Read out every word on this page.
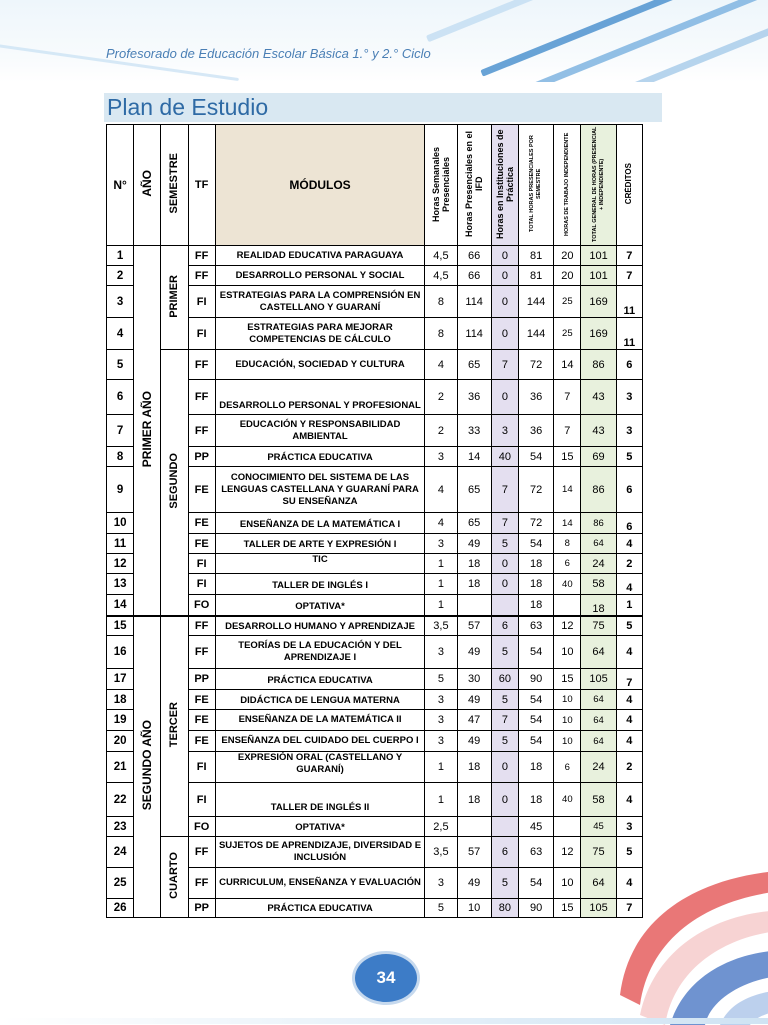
Profesorado de Educación Escolar Básica 1.° y 2.° Ciclo
Plan de Estudio
N°	AÑO	SEMESTRE	TF	MÓDULOS	Horas Semanales Presenciales	Horas Presenciales en el IFD	Horas en Instituciones de Práctica	TOTAL HORAS PRESENCIALES POR SEMESTRE	HORAS DE TRABAJO INDEPENDIENTE	TOTAL GENERAL DE HORAS (PRESENCIAL + INDEPENDIENTE)	CRÉDITOS
1	PRIMER AÑO	PRIMER	FF	REALIDAD EDUCATIVA PARAGUAYA	4,5	66	0	81	20	101	7
2			FF	DESARROLLO PERSONAL Y SOCIAL	4,5	66	0	81	20	101	7
3			FI	ESTRATEGIAS PARA LA COMPRENSIÓN EN CASTELLANO Y GUARANÍ	8	114	0	144	25	169	11
4			FI	ESTRATEGIAS PARA MEJORAR COMPETENCIAS DE CÁLCULO	8	114	0	144	25	169	11
5		SEGUNDO	FF	EDUCACIÓN, SOCIEDAD Y CULTURA	4	65	7	72	14	86	6
6			FF	DESARROLLO PERSONAL Y PROFESIONAL	2	36	0	36	7	43	3
7			FF	EDUCACIÓN Y RESPONSABILIDAD AMBIENTAL	2	33	3	36	7	43	3
8			PP	PRÁCTICA EDUCATIVA	3	14	40	54	15	69	5
9			FE	CONOCIMIENTO DEL SISTEMA DE LAS LENGUAS CASTELLANA Y GUARANÍ PARA SU ENSEÑANZA	4	65	7	72	14	86	6
10			FE	ENSEÑANZA DE LA MATEMÁTICA I	4	65	7	72	14	86	6
11			FE	TALLER DE ARTE Y EXPRESIÓN I	3	49	5	54	8	64	4
12			FI	TIC	1	18	0	18	6	24	2
13			FI	TALLER DE INGLÉS I	1	18	0	18	40	58	4
14			FO	OPTATIVA*	1			18		18	1
15	SEGUNDO AÑO	TERCER	FF	DESARROLLO HUMANO Y APRENDIZAJE	3,5	57	6	63	12	75	5
16			FF	TEORÍAS DE LA EDUCACIÓN Y DEL APRENDIZAJE I	3	49	5	54	10	64	4
17			PP	PRÁCTICA EDUCATIVA	5	30	60	90	15	105	7
18			FE	DIDÁCTICA DE LENGUA MATERNA	3	49	5	54	10	64	4
19			FE	ENSEÑANZA DE LA MATEMÁTICA II	3	47	7	54	10	64	4
20			FE	ENSEÑANZA DEL CUIDADO DEL CUERPO I	3	49	5	54	10	64	4
21			FI	EXPRESIÓN ORAL (CASTELLANO Y GUARANÍ)	1	18	0	18	6	24	2
22			FI	TALLER DE INGLÉS II	1	18	0	18	40	58	4
23			FO	OPTATIVA*	2,5			45		45	3
24		CUARTO	FF	SUJETOS DE APRENDIZAJE, DIVERSIDAD E INCLUSIÓN	3,5	57	6	63	12	75	5
25			FF	CURRICULUM, ENSEÑANZA Y EVALUACIÓN	3	49	5	54	10	64	4
26			PP	PRÁCTICA EDUCATIVA	5	10	80	90	15	105	7
34
